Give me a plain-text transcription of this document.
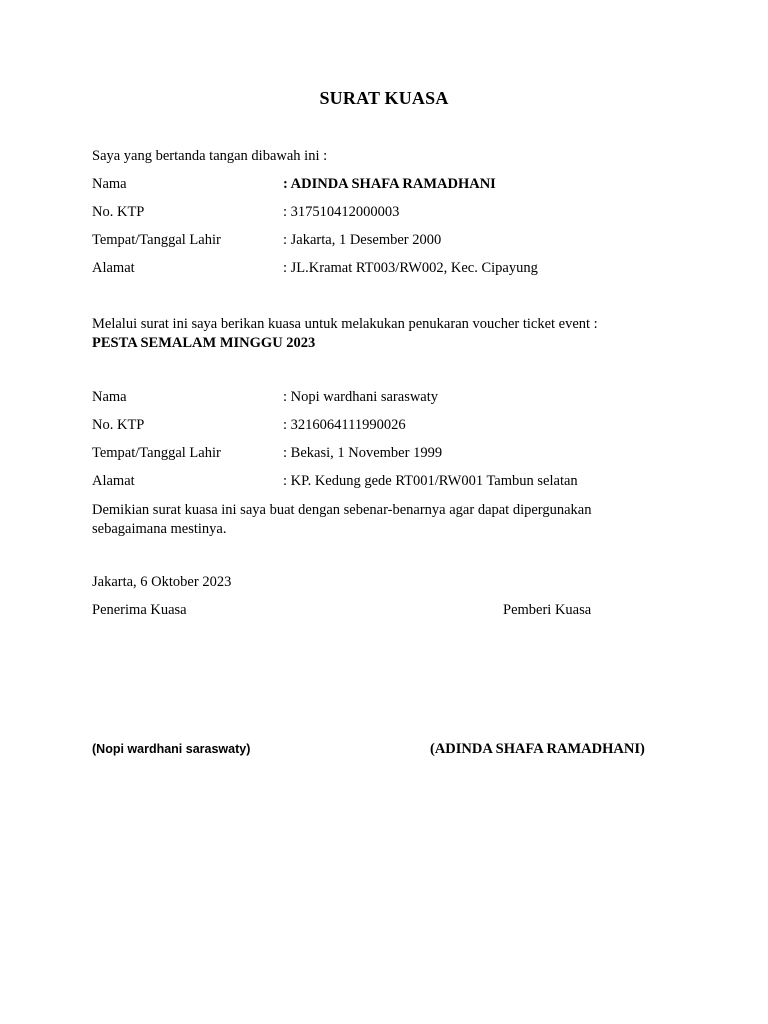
SURAT KUASA
Saya yang bertanda tangan dibawah ini :
Nama	: ADINDA SHAFA RAMADHANI
No. KTP	: 317510412000003
Tempat/Tanggal Lahir	: Jakarta, 1 Desember 2000
Alamat	: JL.Kramat RT003/RW002, Kec. Cipayung
Melalui surat ini saya berikan kuasa untuk melakukan penukaran voucher ticket event :
PESTA SEMALAM MINGGU 2023
Nama	: Nopi wardhani saraswaty
No. KTP	: 3216064111990026
Tempat/Tanggal Lahir	: Bekasi, 1 November 1999
Alamat	: KP. Kedung gede RT001/RW001 Tambun selatan
Demikian surat kuasa ini saya buat dengan sebenar-benarnya agar dapat dipergunakan sebagaimana mestinya.
Jakarta, 6 Oktober 2023
Penerima Kuasa	Pemberi Kuasa
(Nopi wardhani saraswaty)	(ADINDA SHAFA RAMADHANI)
